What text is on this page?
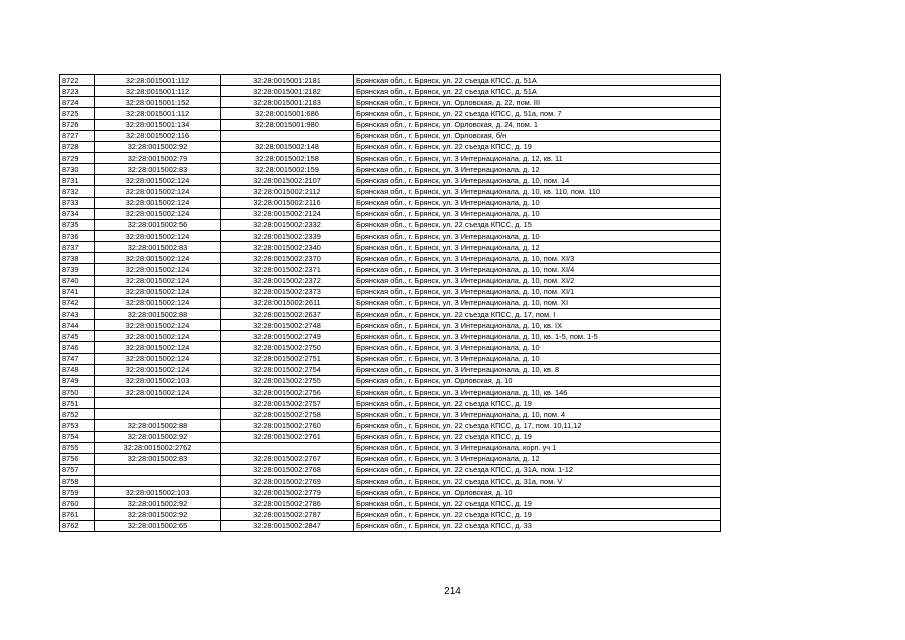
8722	32:28:0015001:112	32:28:0015001:2181	Брянская обл., г. Брянск, ул. 22 съезда КПСС, д. 51А
8723	32:28:0015001:112	32:28:0015001:2182	Брянская обл., г. Брянск, ул. 22 съезда КПСС, д. 51А
8724	32:28:0015001:152	32:28:0015001:2183	Брянская обл., г. Брянск, ул. Орловская, д. 22, пом. III
8725	32:28:0015001:112	32:28:0015001:686	Брянская обл., г. Брянск, ул. 22 съезда КПСС, д. 51а, пом. 7
8726	32:28:0015001:134	32:28:0015001:980	Брянская обл., г. Брянск, ул. Орловская, д. 24, пом. 1
8727	32:28:0015002:116		Брянская обл., г. Брянск, ул. Орловская, б/н
8728	32:28:0015002:92	32:28:0015002:148	Брянская обл., г. Брянск, ул. 22 съезда КПСС, д. 19
8729	32:28:0015002:79	32:28:0015002:158	Брянская обл., г. Брянск, ул. 3 Интернационала, д. 12, кв. 11
8730	32:28:0015002:83	32:28:0015002:159	Брянская обл., г. Брянск, ул. 3 Интернационала, д. 12
8731	32:28:0015002:124	32:28:0015002:2107	Брянская обл., г. Брянск, ул. 3 Интернационала, д. 10, пом. 14
8732	32:28:0015002:124	32:28:0015002:2112	Брянская обл., г. Брянск, ул. 3 Интернационала, д. 10, кв. 110, пом. 110
8733	32:28:0015002:124	32:28:0015002:2116	Брянская обл., г. Брянск, ул. 3 Интернационала, д. 10
8734	32:28:0015002:124	32:28:0015002:2124	Брянская обл., г. Брянск, ул. 3 Интернационала, д. 10
8735	32:28:0015002:56	32:28:0015002:2332	Брянская обл., г. Брянск, ул. 22 съезда КПСС, д. 15
8736	32:28:0015002:124	32:28:0015002:2339	Брянская обл., г. Брянск, ул. 3 Интернационала, д. 10
8737	32:28:0015002:83	32:28:0015002:2340	Брянская обл., г. Брянск, ул. 3 Интернационала, д. 12
8738	32:28:0015002:124	32:28:0015002:2370	Брянская обл., г. Брянск, ул. 3 Интернационала, д. 10, пом. XI/3
8739	32:28:0015002:124	32:28:0015002:2371	Брянская обл., г. Брянск, ул. 3 Интернационала, д. 10, пом. XI/4
8740	32:28:0015002:124	32:28:0015002:2372	Брянская обл., г. Брянск, ул. 3 Интернационала, д. 10, пом. XI/2
8741	32:28:0015002:124	32:28:0015002:2373	Брянская обл., г. Брянск, ул. 3 Интернационала, д. 10, пом. XI/1
8742	32:28:0015002:124	32:28:0015002:2611	Брянская обл., г. Брянск, ул. 3 Интернационала, д. 10, пом. XI
8743	32:28:0015002:88	32:28:0015002:2637	Брянская обл., г. Брянск, ул. 22 съезда КПСС, д. 17, пом. I
8744	32:28:0015002:124	32:28:0015002:2748	Брянская обл., г. Брянск, ул. 3 Интернационала, д. 10, кв. IX
8745	32:28:0015002:124	32:28:0015002:2749	Брянская обл., г. Брянск, ул. 3 Интернационала, д. 10, кв. 1-5, пом. 1-5
8746	32:28:0015002:124	32:28:0015002:2750	Брянская обл., г. Брянск, ул. 3 Интернационала, д. 10
8747	32:28:0015002:124	32:28:0015002:2751	Брянская обл., г. Брянск, ул. 3 Интернационала, д. 10
8748	32:28:0015002:124	32:28:0015002:2754	Брянская обл., г. Брянск, ул. 3 Интернационала, д. 10, кв. 8
8749	32:28:0015002:103	32:28:0015002:2755	Брянская обл., г. Брянск, ул. Орловская, д. 10
8750	32:28:0015002:124	32:28:0015002:2756	Брянская обл., г. Брянск, ул. 3 Интернационала, д. 10, кв. 146
8751		32:28:0015002:2757	Брянская обл., г. Брянск, ул. 22 съезда КПСС, д. 19
8752		32:28:0015002:2758	Брянская обл., г. Брянск, ул. 3 Интернационала, д. 10, пом. 4
8753	32:28:0015002:88	32:28:0015002:2760	Брянская обл., г. Брянск, ул. 22 съезда КПСС, д. 17, пом. 10,11,12
8754	32:28:0015002:92	32:28:0015002:2761	Брянская обл., г. Брянск, ул. 22 съезда КПСС, д. 19
8755	32:28:0015002:2762		Брянская обл., г. Брянск, ул. 3 Интернационала, корп. уч 1
8756	32:28:0015002:83	32:28:0015002:2767	Брянская обл., г. Брянск, ул. 3 Интернационала, д. 12
8757		32:28:0015002:2768	Брянская обл., г. Брянск, ул. 22 съезда КПСС, д. 31А, пом. 1-12
8758		32:28:0015002:2769	Брянская обл., г. Брянск, ул. 22 съезда КПСС, д. 31а, пом. V
8759	32:28:0015002:103	32:28:0015002:2779	Брянская обл., г. Брянск, ул. Орловская, д. 10
8760	32:28:0015002:92	32:28:0015002:2786	Брянская обл., г. Брянск, ул. 22 съезда КПСС, д. 19
8761	32:28:0015002:92	32:28:0015002:2787	Брянская обл., г. Брянск, ул. 22 съезда КПСС, д. 19
8762	32:28:0015002:65	32:28:0015002:2847	Брянская обл., г. Брянск, ул. 22 съезда КПСС, д. 33
214
